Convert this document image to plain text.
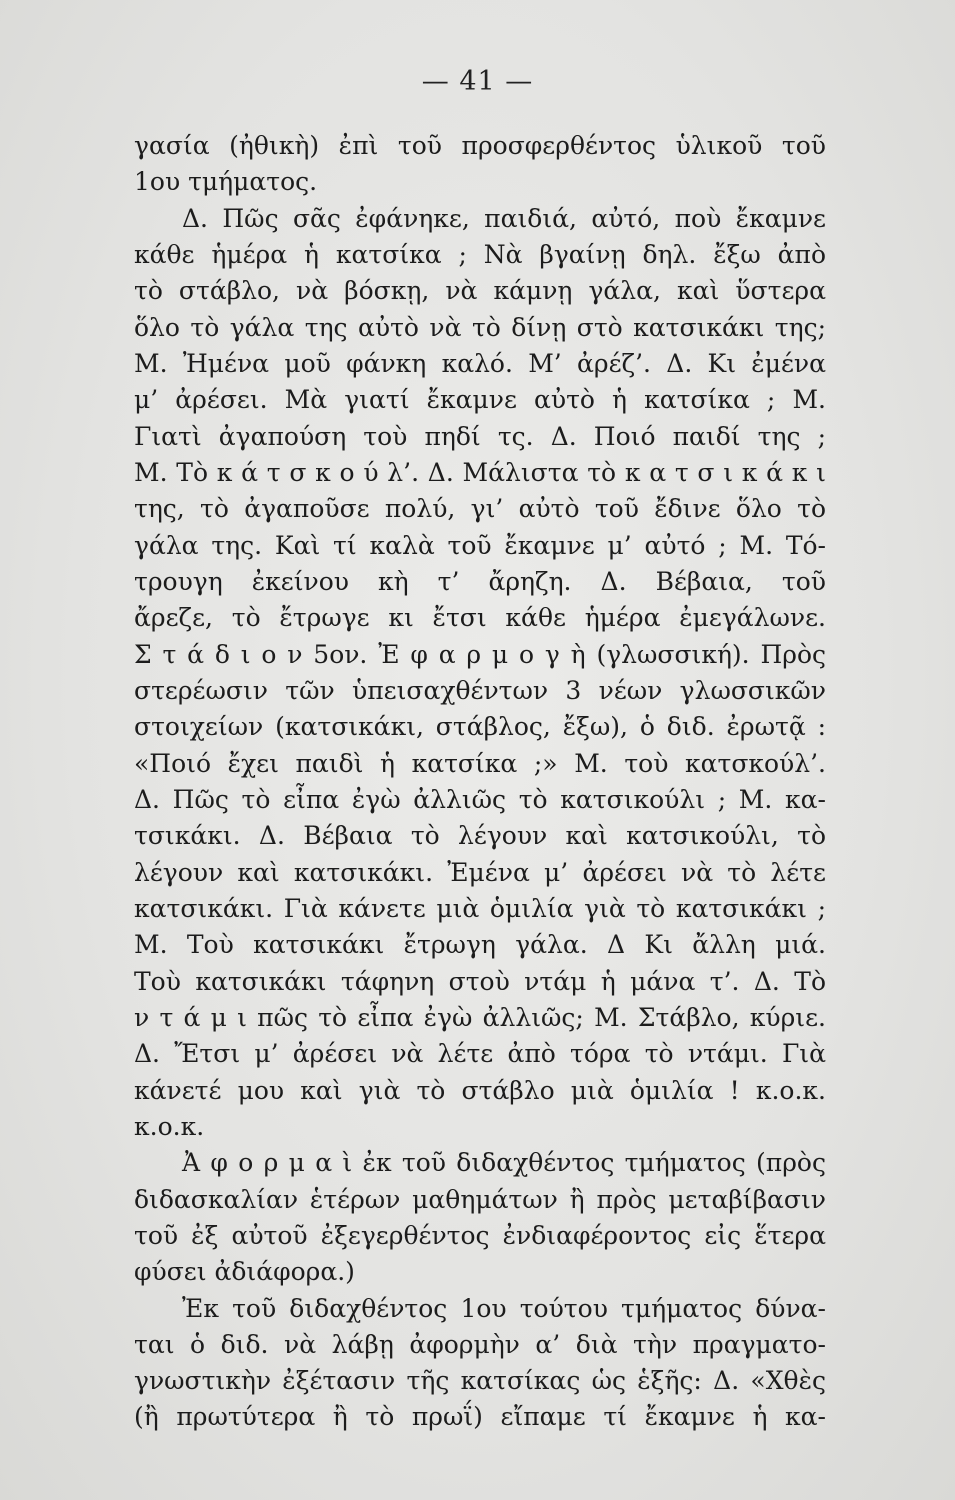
— 41 —
γασία (ἠθικὴ) ἐπὶ τοῦ προσφερθέντος ὑλικοῦ τοῦ
1ου τμήματος.
Δ. Πῶς σᾶς ἐφάνηκε, παιδιά, αὐτό, ποὺ ἔκαμνε
κάθε ἡμέρα ἡ κατσίκα ; Νὰ βγαίνῃ δηλ. ἔξω ἀπὸ
τὸ στάβλο, νὰ βόσκῃ, νὰ κάμνῃ γάλα, καὶ ὕστερα
ὅλο τὸ γάλα της αὐτὸ νὰ τὸ δίνῃ στὸ κατσικάκι της;
Μ. Ἠμένα μοῦ φάνκη καλό. Μ’ ἀρέζ’. Δ. Κι ἐμένα
μ’ ἀρέσει. Μὰ γιατί ἔκαμνε αὐτὸ ἡ κατσίκα ; Μ.
Γιατὶ ἀγαπούση τοὺ πηδί τς. Δ. Ποιό παιδί της ;
Μ. Τὸ κ ά τ σ κ ο ύ λ’. Δ. Μάλιστα τὸ κ α τ σ ι κ ά κ ι
της, τὸ ἀγαποῦσε πολύ, γι’ αὐτὸ τοῦ ἔδινε ὅλο τὸ
γάλα της. Καὶ τί καλὰ τοῦ ἔκαμνε μ’ αὐτό ; Μ. Τό-
τρουγη ἐκείνου κὴ τ’ ἄρηζη. Δ. Βέβαια, τοῦ
ἄρεζε, τὸ ἔτρωγε κι ἔτσι κάθε ἡμέρα ἐμεγάλωνε.
Σ τ ά δ ι ο ν 5ον. Ἐ φ α ρ μ ο γ ὴ (γλωσσική). Πρὸς
στερέωσιν τῶν ὑπεισαχθέντων 3 νέων γλωσσικῶν
στοιχείων (κατσικάκι, στάβλος, ἔξω), ὁ διδ. ἐρωτᾷ :
«Ποιό ἔχει παιδὶ ἡ κατσίκα ;» Μ. τοὺ κατσκούλ’.
Δ. Πῶς τὸ εἶπα ἐγὼ ἀλλιῶς τὸ κατσικούλι ; Μ. κα-
τσικάκι. Δ. Βέβαια τὸ λέγουν καὶ κατσικούλι, τὸ
λέγουν καὶ κατσικάκι. Ἐμένα μ’ ἀρέσει νὰ τὸ λέτε
κατσικάκι. Γιὰ κάνετε μιὰ ὁμιλία γιὰ τὸ κατσικάκι ;
Μ. Τοὺ κατσικάκι ἔτρωγη γάλα. Δ Κι ἄλλη μιά.
Τοὺ κατσικάκι τάφηνη στοὺ ντάμ ἡ μάνα τ’. Δ. Τὸ
ν τ ά μ ι πῶς τὸ εἶπα ἐγὼ ἀλλιῶς; Μ. Στάβλο, κύριε.
Δ. Ἔτσι μ’ ἀρέσει νὰ λέτε ἀπὸ τόρα τὸ ντάμι. Γιὰ
κάνετέ μου καὶ γιὰ τὸ στάβλο μιὰ ὁμιλία ! κ.ο.κ.
κ.ο.κ.
Ἀ φ ο ρ μ α ὶ ἐκ τοῦ διδαχθέντος τμήματος (πρὸς
διδασκαλίαν ἑτέρων μαθημάτων ἢ πρὸς μεταβίβασιν
τοῦ ἐξ αὐτοῦ ἐξεγερθέντος ἐνδιαφέροντος εἰς ἕτερα
φύσει ἀδιάφορα.)
Ἐκ τοῦ διδαχθέντος 1ου τούτου τμήματος δύνα-
ται ὁ διδ. νὰ λάβῃ ἀφορμὴν α’ διὰ τὴν πραγματο-
γνωστικὴν ἐξέτασιν τῆς κατσίκας ὡς ἑξῆς: Δ. «Χθὲς
(ἢ πρωτύτερα ἢ τὸ πρωΐ) εἴπαμε τί ἔκαμνε ἡ κα-
